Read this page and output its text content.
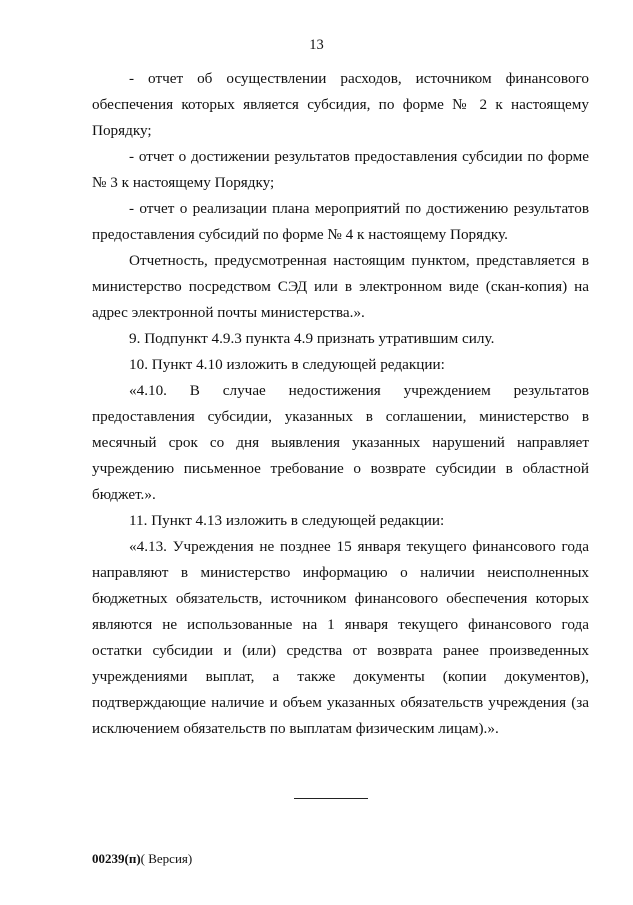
13

- отчет об осуществлении расходов, источником финансового обеспечения которых является субсидия, по форме № 2 к настоящему Порядку;

- отчет о достижении результатов предоставления субсидии по форме № 3 к настоящему Порядку;

- отчет о реализации плана мероприятий по достижению результатов предоставления субсидий по форме № 4 к настоящему Порядку.

Отчетность, предусмотренная настоящим пунктом, представляется в министерство посредством СЭД или в электронном виде (скан-копия) на адрес электронной почты министерства.».

9. Подпункт 4.9.3 пункта 4.9 признать утратившим силу.

10. Пункт 4.10 изложить в следующей редакции:

«4.10. В случае недостижения учреждением результатов предоставления субсидии, указанных в соглашении, министерство в месячный срок со дня выявления указанных нарушений направляет учреждению письменное требование о возврате субсидии в областной бюджет.».

11. Пункт 4.13 изложить в следующей редакции:

«4.13. Учреждения не позднее 15 января текущего финансового года направляют в министерство информацию о наличии неисполненных бюджетных обязательств, источником финансового обеспечения которых являются не использованные на 1 января текущего финансового года остатки субсидии и (или) средства от возврата ранее произведенных учреждениями выплат, а также документы (копии документов), подтверждающие наличие и объем указанных обязательств учреждения (за исключением обязательств по выплатам физическим лицам).».

00239(п)( Версия)
